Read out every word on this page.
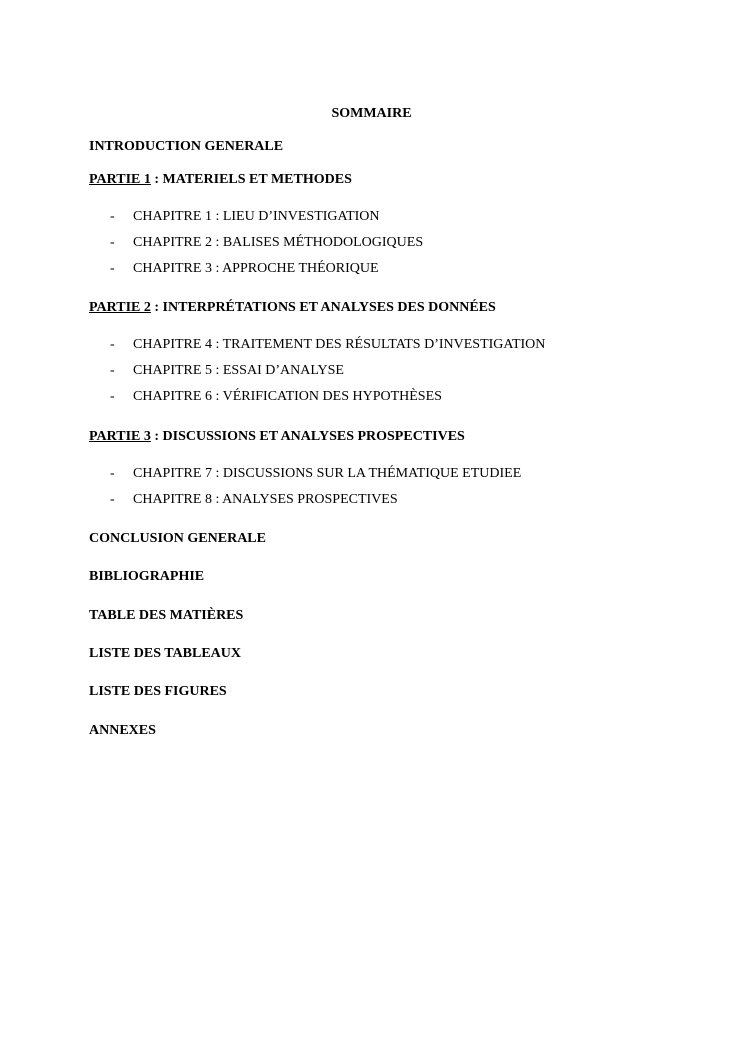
SOMMAIRE
INTRODUCTION GENERALE
PARTIE 1 : MATERIELS ET METHODES
- CHAPITRE 1 : LIEU D’INVESTIGATION
- CHAPITRE 2 : BALISES MÉTHODOLOGIQUES
- CHAPITRE 3 : APPROCHE THÉORIQUE
PARTIE 2 : INTERPRÉTATIONS ET ANALYSES DES DONNÉES
- CHAPITRE 4 : TRAITEMENT DES RÉSULTATS D’INVESTIGATION
- CHAPITRE 5 : ESSAI D’ANALYSE
- CHAPITRE 6 : VÉRIFICATION DES HYPOTHÈSES
PARTIE 3 : DISCUSSIONS ET ANALYSES PROSPECTIVES
- CHAPITRE 7 : DISCUSSIONS SUR LA THÉMATIQUE ETUDIEE
- CHAPITRE 8 : ANALYSES PROSPECTIVES
CONCLUSION GENERALE
BIBLIOGRAPHIE
TABLE DES MATIÈRES
LISTE DES TABLEAUX
LISTE DES FIGURES
ANNEXES
